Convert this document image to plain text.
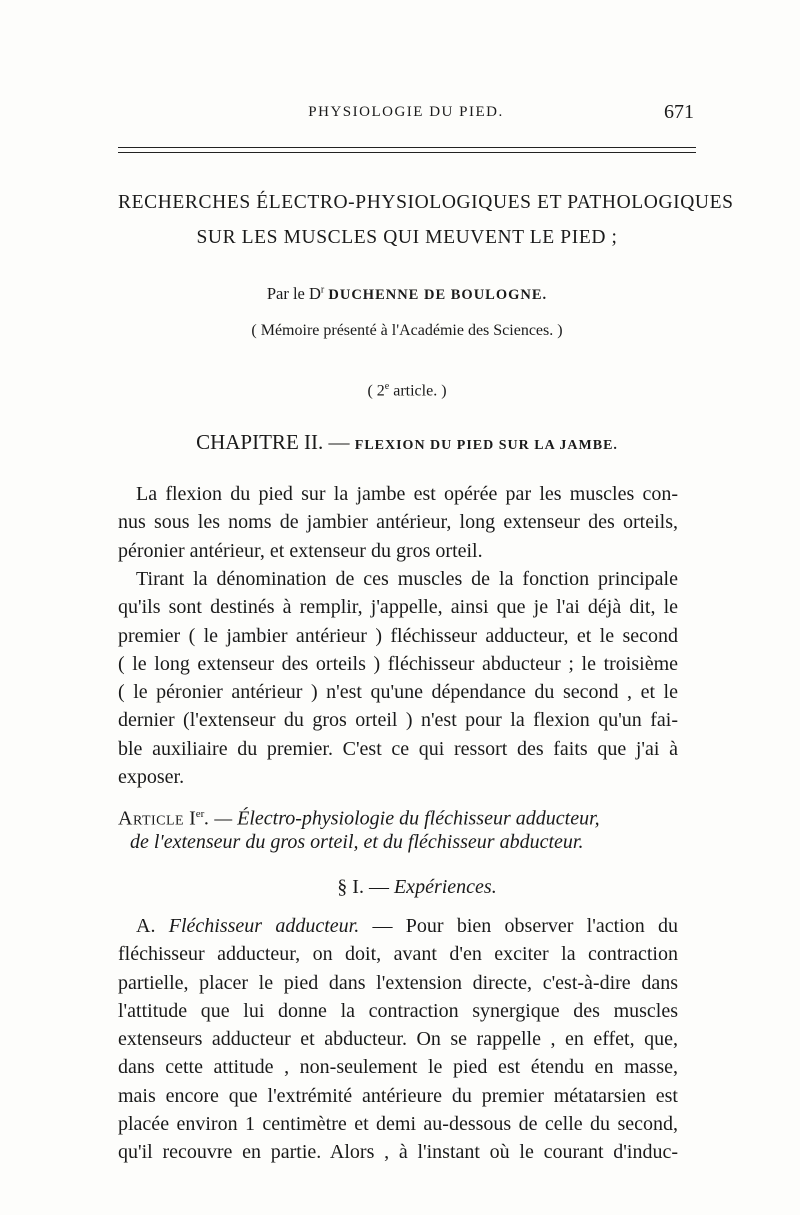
PHYSIOLOGIE DU PIED.	671
RECHERCHES ÉLECTRO-PHYSIOLOGIQUES ET PATHOLOGIQUES
SUR LES MUSCLES QUI MEUVENT LE PIED ;
Par le $D^r$ DUCHENNE DE BOULOGNE.
( Mémoire présenté à l'Académie des Sciences. )
( 2e article. )
CHAPITRE II. — FLEXION DU PIED SUR LA JAMBE.
La flexion du pied sur la jambe est opérée par les muscles con-
nus sous les noms de jambier antérieur, long extenseur des orteils,
péronier antérieur, et extenseur du gros orteil.
Tirant la dénomination de ces muscles de la fonction principale
qu'ils sont destinés à remplir, j'appelle, ainsi que je l'ai déjà dit, le
premier ( le jambier antérieur ) fléchisseur adducteur, et le second
( le long extenseur des orteils ) fléchisseur abducteur ; le troisième
( le péronier antérieur ) n'est qu'une dépendance du second , et le
dernier (l'extenseur du gros orteil ) n'est pour la flexion qu'un fai-
ble auxiliaire du premier. C'est ce qui ressort des faits que j'ai à
exposer.
Article Ier. — Électro-physiologie du fléchisseur adducteur,
de l'extenseur du gros orteil, et du fléchisseur abducteur.
§ I. — Expériences.
A. Fléchisseur adducteur. — Pour bien observer l'action du
fléchisseur adducteur, on doit, avant d'en exciter la contraction
partielle, placer le pied dans l'extension directe, c'est-à-dire dans
l'attitude que lui donne la contraction synergique des muscles
extenseurs adducteur et abducteur. On se rappelle , en effet, que,
dans cette attitude , non-seulement le pied est étendu en masse,
mais encore que l'extrémité antérieure du premier métatarsien est
placée environ 1 centimètre et demi au-dessous de celle du second,
qu'il recouvre en partie. Alors , à l'instant où le courant d'induc-
